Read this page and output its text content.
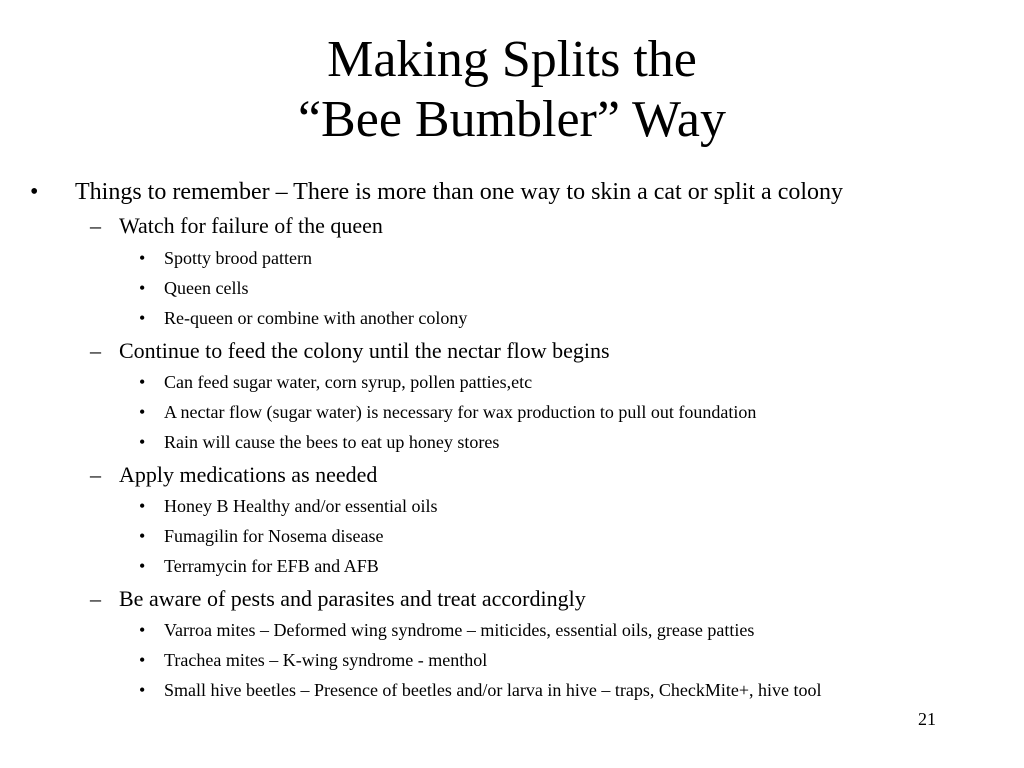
Making Splits the
“Bee Bumbler” Way
• Things to remember – There is more than one way to skin a cat or split a colony
– Watch for failure of the queen
• Spotty brood pattern
• Queen cells
• Re-queen or combine with another colony
– Continue to feed the colony until the nectar flow begins
• Can feed sugar water, corn syrup, pollen patties,etc
• A nectar flow (sugar water) is necessary for wax production to pull out foundation
• Rain will cause the bees to eat up honey stores
– Apply medications as needed
• Honey B Healthy and/or essential oils
• Fumagilin for Nosema disease
• Terramycin for EFB and AFB
– Be aware of pests and parasites and treat accordingly
• Varroa mites – Deformed wing syndrome – miticides, essential oils, grease patties
• Trachea mites – K-wing syndrome - menthol
• Small hive beetles – Presence of beetles and/or larva in hive – traps, CheckMite+, hive tool
21
